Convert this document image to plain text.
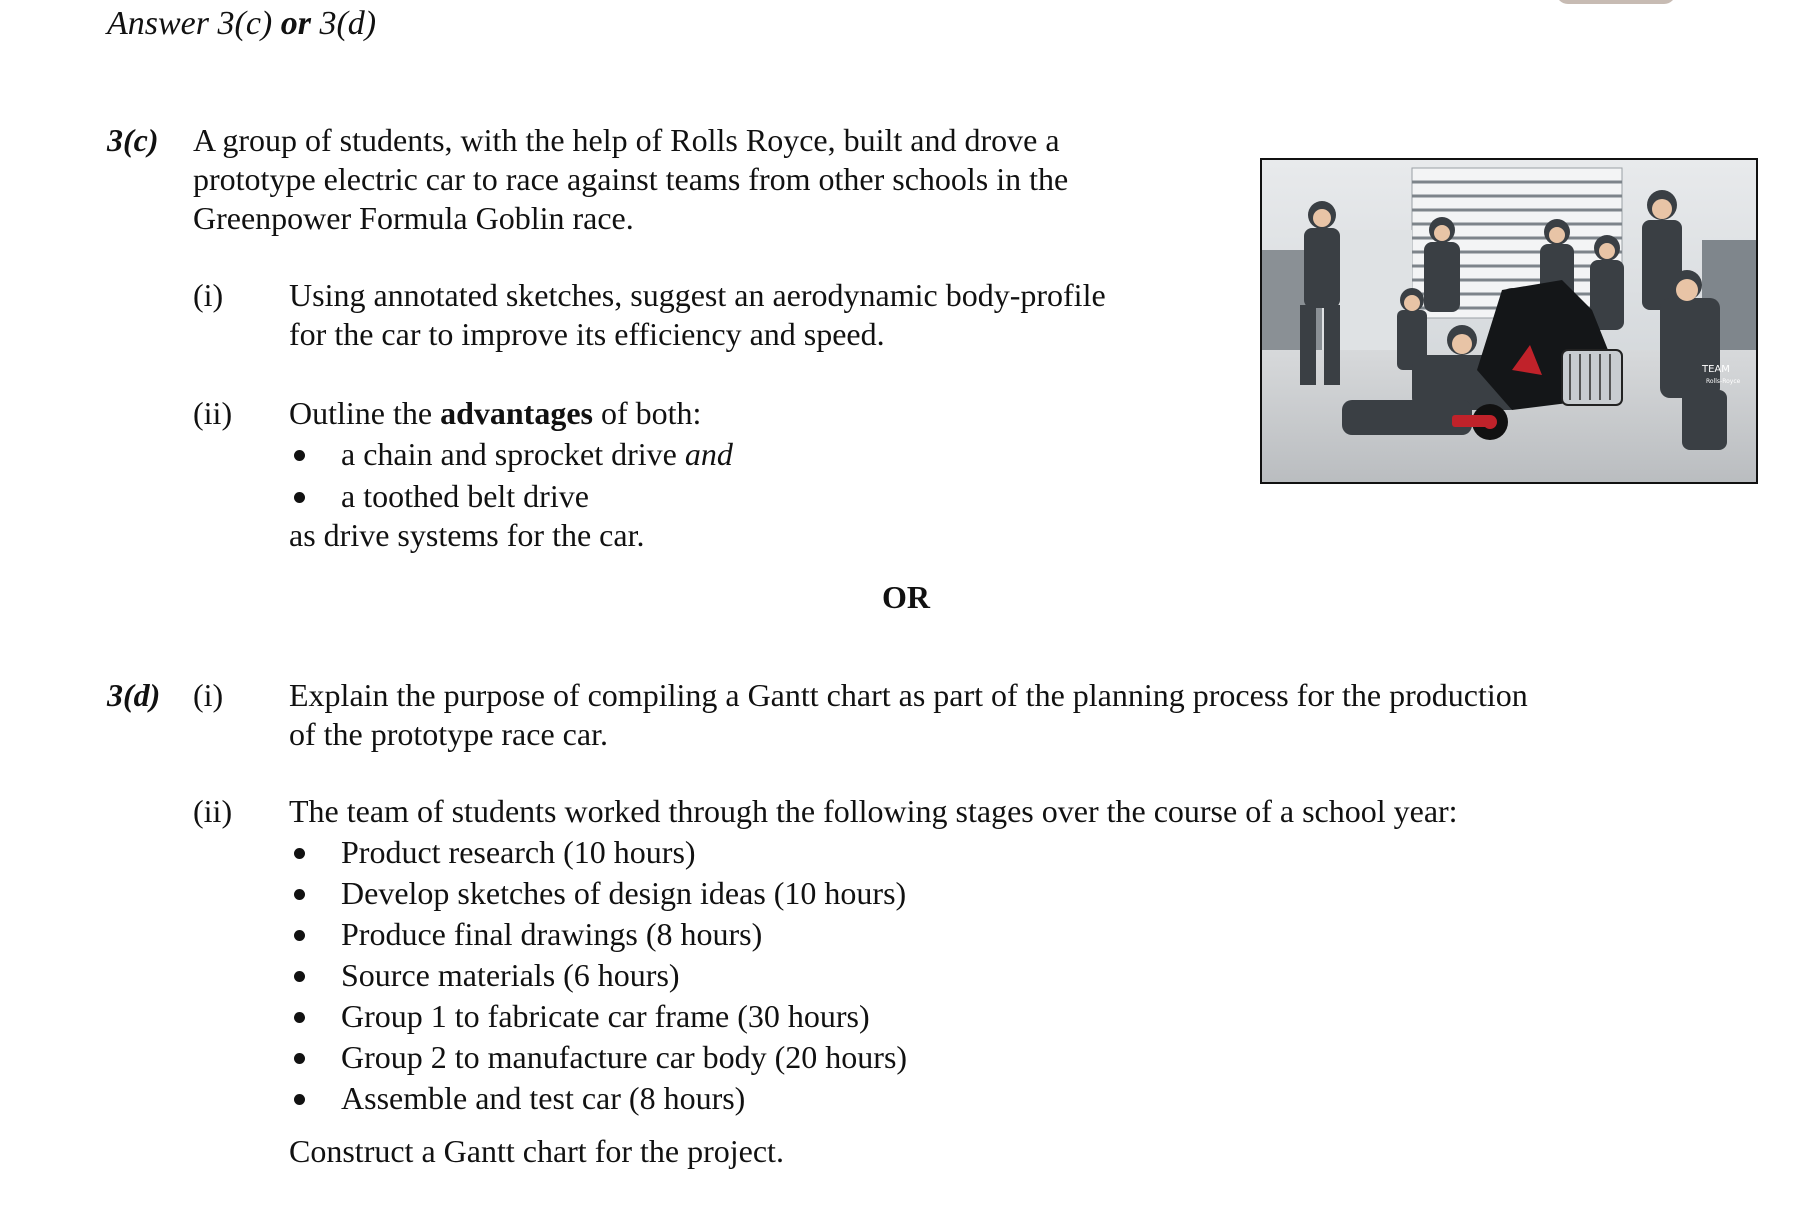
Answer 3(c) or 3(d)
3(c) A group of students, with the help of Rolls Royce, built and drove a
prototype electric car to race against teams from other schools in the
Greenpower Formula Goblin race.
(i) Using annotated sketches, suggest an aerodynamic body-profile
for the car to improve its efficiency and speed.
(ii) Outline the advantages of both:
a chain and sprocket drive and
a toothed belt drive
as drive systems for the car.
TEAM
Rolls-Royce
OR
3(d) (i) Explain the purpose of compiling a Gantt chart as part of the planning process for the production
of the prototype race car.
(ii) The team of students worked through the following stages over the course of a school year:
Product research (10 hours)
Develop sketches of design ideas (10 hours)
Produce final drawings (8 hours)
Source materials (6 hours)
Group 1 to fabricate car frame (30 hours)
Group 2 to manufacture car body (20 hours)
Assemble and test car (8 hours)
Construct a Gantt chart for the project.
